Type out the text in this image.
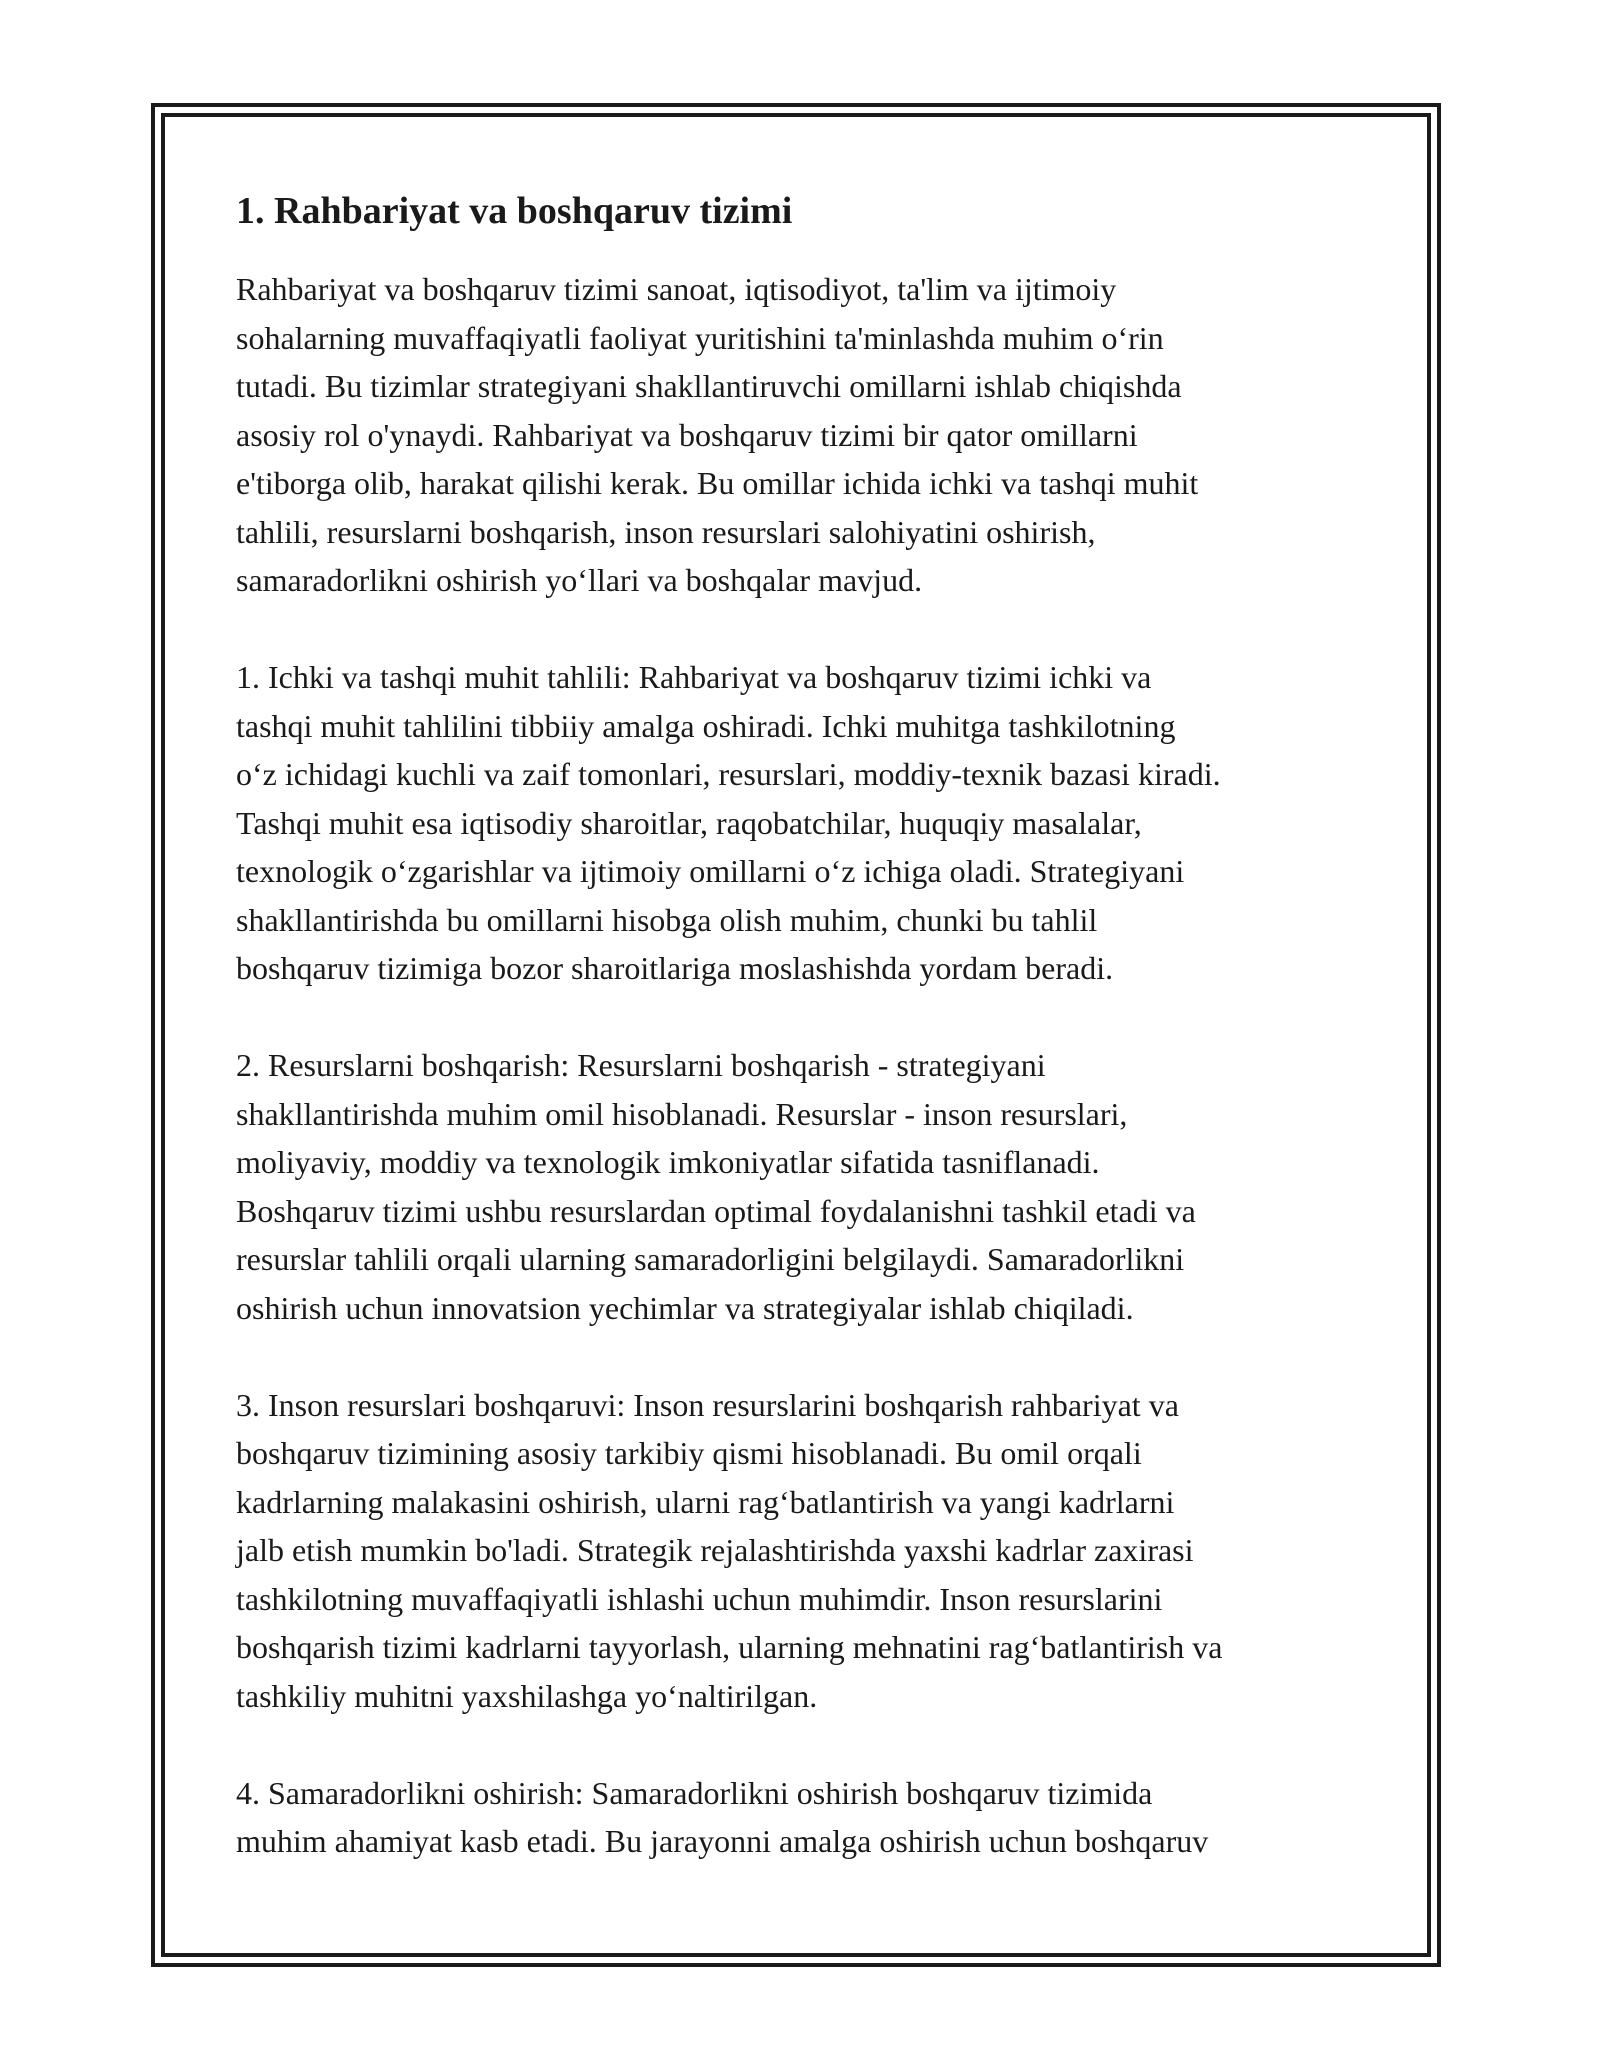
1. Rahbariyat va boshqaruv tizimi

Rahbariyat va boshqaruv tizimi sanoat, iqtisodiyot, ta'lim va ijtimoiy
sohalarning muvaffaqiyatli faoliyat yuritishini ta'minlashda muhim o‘rin
tutadi. Bu tizimlar strategiyani shakllantiruvchi omillarni ishlab chiqishda
asosiy rol o'ynaydi. Rahbariyat va boshqaruv tizimi bir qator omillarni
e'tiborga olib, harakat qilishi kerak. Bu omillar ichida ichki va tashqi muhit
tahlili, resurslarni boshqarish, inson resurslari salohiyatini oshirish,
samaradorlikni oshirish yo‘llari va boshqalar mavjud.

1. Ichki va tashqi muhit tahlili: Rahbariyat va boshqaruv tizimi ichki va
tashqi muhit tahlilini tibbiiy amalga oshiradi. Ichki muhitga tashkilotning
o‘z ichidagi kuchli va zaif tomonlari, resurslari, moddiy-texnik bazasi kiradi.
Tashqi muhit esa iqtisodiy sharoitlar, raqobatchilar, huquqiy masalalar,
texnologik o‘zgarishlar va ijtimoiy omillarni o‘z ichiga oladi. Strategiyani
shakllantirishda bu omillarni hisobga olish muhim, chunki bu tahlil
boshqaruv tizimiga bozor sharoitlariga moslashishda yordam beradi.

2. Resurslarni boshqarish: Resurslarni boshqarish - strategiyani
shakllantirishda muhim omil hisoblanadi. Resurslar - inson resurslari,
moliyaviy, moddiy va texnologik imkoniyatlar sifatida tasniflanadi.
Boshqaruv tizimi ushbu resurslardan optimal foydalanishni tashkil etadi va
resurslar tahlili orqali ularning samaradorligini belgilaydi. Samaradorlikni
oshirish uchun innovatsion yechimlar va strategiyalar ishlab chiqiladi.

3. Inson resurslari boshqaruvi: Inson resurslarini boshqarish rahbariyat va
boshqaruv tizimining asosiy tarkibiy qismi hisoblanadi. Bu omil orqali
kadrlarning malakasini oshirish, ularni rag‘batlantirish va yangi kadrlarni
jalb etish mumkin bo'ladi. Strategik rejalashtirishda yaxshi kadrlar zaxirasi
tashkilotning muvaffaqiyatli ishlashi uchun muhimdir. Inson resurslarini
boshqarish tizimi kadrlarni tayyorlash, ularning mehnatini rag‘batlantirish va
tashkiliy muhitni yaxshilashga yo‘naltirilgan.

4. Samaradorlikni oshirish: Samaradorlikni oshirish boshqaruv tizimida
muhim ahamiyat kasb etadi. Bu jarayonni amalga oshirish uchun boshqaruv
